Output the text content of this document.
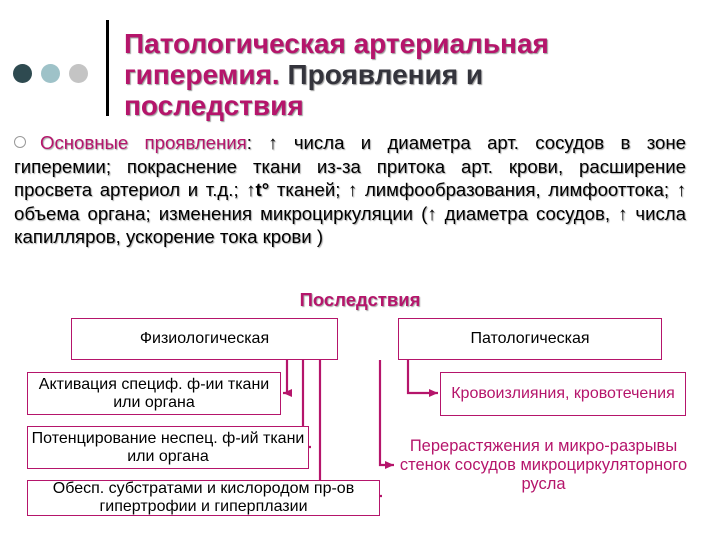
Патологическая артериальная
гиперемия. Проявления и
последствия
Основные проявления: ↑ числа и диаметра арт. сосудов в зоне гиперемии; покраснение ткани из-за притока арт. крови, расширение просвета артериол и т.д.; ↑t° тканей; ↑ лимфообразования, лимфооттока; ↑ объема органа; изменения микроциркуляции (↑ диаметра сосудов, ↑ числа капилляров, ускорение тока крови )
Последствия
Физиологическая	Патологическая
Активация специф. ф-ии ткани или органа
Потенцирование неспец. ф-ий ткани или органа
Обесп. субстратами и кислородом пр-ов гипертрофии и гиперплазии
Кровоизлияния, кровотечения
Перерастяжения и микро-разрывы стенок сосудов микроциркуляторного русла
